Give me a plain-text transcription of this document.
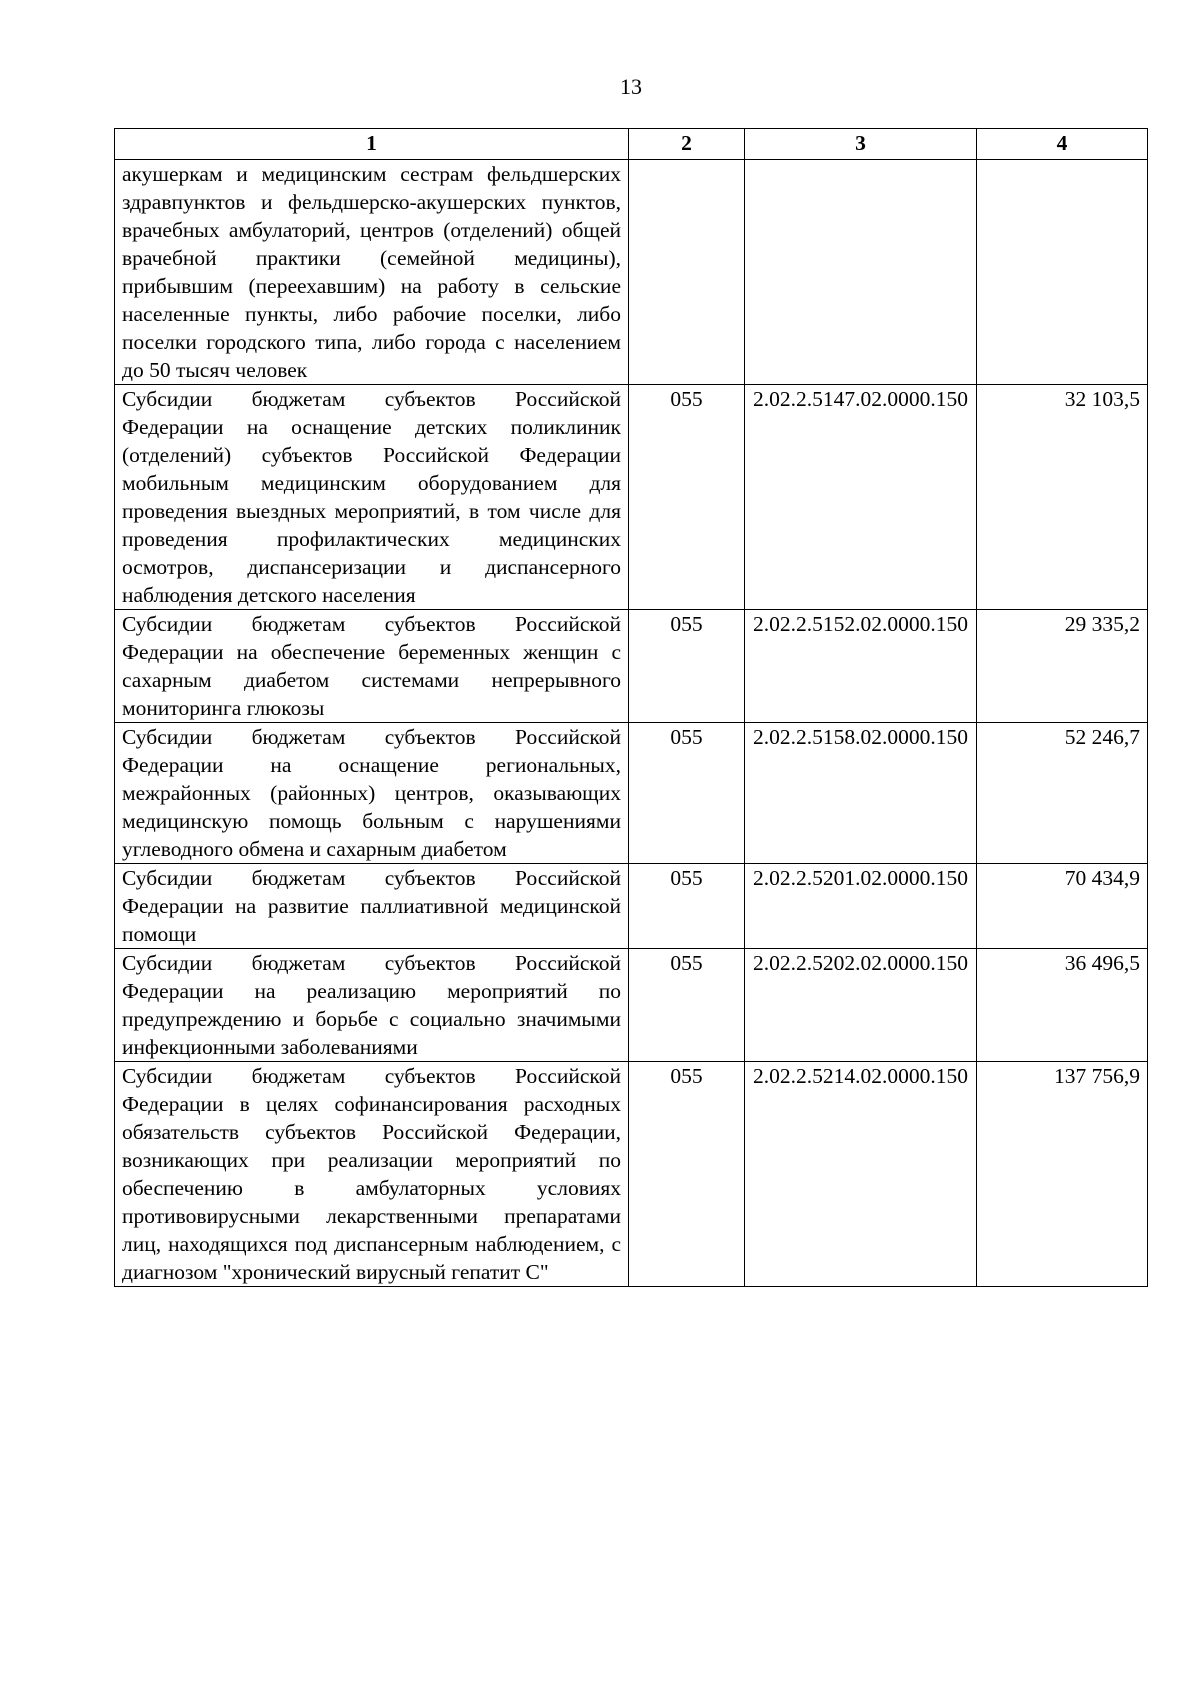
13
1	2	3	4
акушеркам и медицинским сестрам фельдшерских здравпунктов и фельдшерско-акушерских пунктов, врачебных амбулаторий, центров (отделений) общей врачебной практики (семейной медицины), прибывшим (переехавшим) на работу в сельские населенные пункты, либо рабочие поселки, либо поселки городского типа, либо города с населением до 50 тысяч человек			
Субсидии бюджетам субъектов Российской Федерации на оснащение детских поликлиник (отделений) субъектов Российской Федерации мобильным медицинским оборудованием для проведения выездных мероприятий, в том числе для проведения профилактических медицинских осмотров, диспансеризации и диспансерного наблюдения детского населения	055	2.02.2.5147.02.0000.150	32 103,5
Субсидии бюджетам субъектов Российской Федерации на обеспечение беременных женщин с сахарным диабетом системами непрерывного мониторинга глюкозы	055	2.02.2.5152.02.0000.150	29 335,2
Субсидии бюджетам субъектов Российской Федерации на оснащение региональных, межрайонных (районных) центров, оказывающих медицинскую помощь больным с нарушениями углеводного обмена и сахарным диабетом	055	2.02.2.5158.02.0000.150	52 246,7
Субсидии бюджетам субъектов Российской Федерации на развитие паллиативной медицинской помощи	055	2.02.2.5201.02.0000.150	70 434,9
Субсидии бюджетам субъектов Российской Федерации на реализацию мероприятий по предупреждению и борьбе с социально значимыми инфекционными заболеваниями	055	2.02.2.5202.02.0000.150	36 496,5
Субсидии бюджетам субъектов Российской Федерации в целях софинансирования расходных обязательств субъектов Российской Федерации, возникающих при реализации мероприятий по обеспечению в амбулаторных условиях противовирусными лекарственными препаратами лиц, находящихся под диспансерным наблюдением, с диагнозом "хронический вирусный гепатит С"	055	2.02.2.5214.02.0000.150	137 756,9
